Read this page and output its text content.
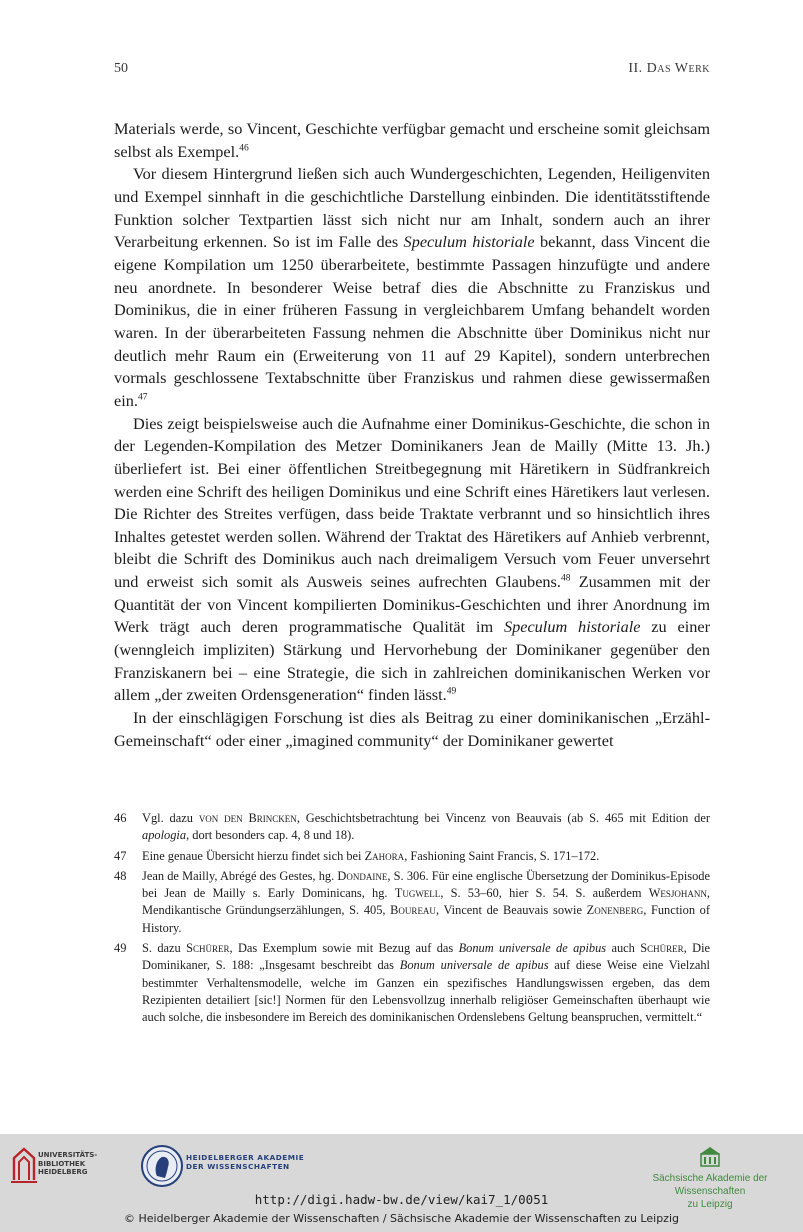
50	II. Das Werk

Materials werde, so Vincent, Geschichte verfügbar gemacht und erscheine somit gleichsam selbst als Exempel.$^{46}$

Vor diesem Hintergrund ließen sich auch Wundergeschichten, Legenden, Heiligenviten und Exempel sinnhaft in die geschichtliche Darstellung einbinden. Die identitätsstiftende Funktion solcher Textpartien lässt sich nicht nur am Inhalt, sondern auch an ihrer Verarbeitung erkennen. So ist im Falle des Speculum historiale bekannt, dass Vincent die eigene Kompilation um 1250 überarbeitete, bestimmte Passagen hinzufügte und andere neu anordnete. In besonderer Weise betraf dies die Abschnitte zu Franziskus und Dominikus, die in einer früheren Fassung in vergleichbarem Umfang behandelt worden waren. In der überarbeiteten Fassung nehmen die Abschnitte über Dominikus nicht nur deutlich mehr Raum ein (Erweiterung von 11 auf 29 Kapitel), sondern unterbrechen vormals geschlossene Textabschnitte über Franziskus und rahmen diese gewissermaßen ein.$^{47}$

Dies zeigt beispielsweise auch die Aufnahme einer Dominikus-Geschichte, die schon in der Legenden-Kompilation des Metzer Dominikaners Jean de Mailly (Mitte 13. Jh.) überliefert ist. Bei einer öffentlichen Streitbegegnung mit Häretikern in Südfrankreich werden eine Schrift des heiligen Dominikus und eine Schrift eines Häretikers laut verlesen. Die Richter des Streites verfügen, dass beide Traktate verbrannt und so hinsichtlich ihres Inhaltes getestet werden sollen. Während der Traktat des Häretikers auf Anhieb verbrennt, bleibt die Schrift des Dominikus auch nach dreimaligem Versuch vom Feuer unversehrt und erweist sich somit als Ausweis seines aufrechten Glaubens.$^{48}$ Zusammen mit der Quantität der von Vincent kompilierten Dominikus-Geschichten und ihrer Anordnung im Werk trägt auch deren programmatische Qualität im Speculum historiale zu einer (wenngleich impliziten) Stärkung und Hervorhebung der Dominikaner gegenüber den Franziskanern bei – eine Strategie, die sich in zahlreichen dominikanischen Werken vor allem „der zweiten Ordensgeneration“ finden lässt.$^{49}$

In der einschlägigen Forschung ist dies als Beitrag zu einer dominikanischen „Erzähl-Gemeinschaft“ oder einer „imagined community“ der Dominikaner gewertet

46 Vgl. dazu von den Brincken, Geschichtsbetrachtung bei Vincenz von Beauvais (ab S. 465 mit Edition der apologia, dort besonders cap. 4, 8 und 18).
47 Eine genaue Übersicht hierzu findet sich bei Zahora, Fashioning Saint Francis, S. 171–172.
48 Jean de Mailly, Abrégé des Gestes, hg. Dondaine, S. 306. Für eine englische Übersetzung der Dominikus-Episode bei Jean de Mailly s. Early Dominicans, hg. Tugwell, S. 53–60, hier S. 54. S. außerdem Wesjohann, Mendikantische Gründungserzählungen, S. 405, Boureau, Vincent de Beauvais sowie Zonenberg, Function of History.
49 S. dazu Schürer, Das Exemplum sowie mit Bezug auf das Bonum universale de apibus auch Schürer, Die Dominikaner, S. 188: „Insgesamt beschreibt das Bonum universale de apibus auf diese Weise eine Vielzahl bestimmter Verhaltensmodelle, welche im Ganzen ein spezifisches Handlungswissen ergeben, das dem Rezipienten detailiert [sic!] Normen für den Lebensvollzug innerhalb religiöser Gemeinschaften überhaupt wie auch solche, die insbesondere im Bereich des dominikanischen Ordenslebens Geltung beanspruchen, vermittelt.“
UNIVERSITÄTS-
BIBLIOTHEK
HEIDELBERG
HEIDELBERGER AKADEMIE
DER WISSENSCHAFTEN
Sächsische Akademie der Wissenschaften
zu Leipzig
http://digi.hadw-bw.de/view/kai7_1/0051
© Heidelberger Akademie der Wissenschaften / Sächsische Akademie der Wissenschaften zu Leipzig
